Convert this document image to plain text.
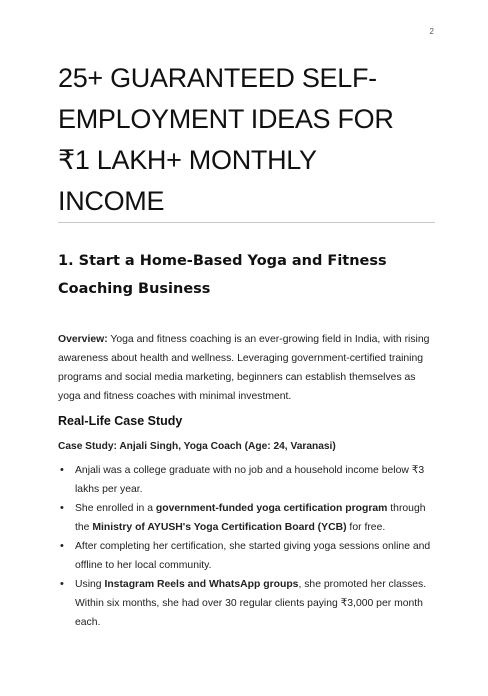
2
25+ GUARANTEED SELF-
EMPLOYMENT IDEAS FOR
₹1 LAKH+ MONTHLY
INCOME
1. Start a Home-Based Yoga and Fitness Coaching Business

Overview: Yoga and fitness coaching is an ever-growing field in India, with rising awareness about health and wellness. Leveraging government-certified training programs and social media marketing, beginners can establish themselves as yoga and fitness coaches with minimal investment.

Real-Life Case Study

Case Study: Anjali Singh, Yoga Coach (Age: 24, Varanasi)

• Anjali was a college graduate with no job and a household income below ₹3 lakhs per year.
• She enrolled in a government-funded yoga certification program through the Ministry of AYUSH's Yoga Certification Board (YCB) for free.
• After completing her certification, she started giving yoga sessions online and offline to her local community.
• Using Instagram Reels and WhatsApp groups, she promoted her classes. Within six months, she had over 30 regular clients paying ₹3,000 per month each.
